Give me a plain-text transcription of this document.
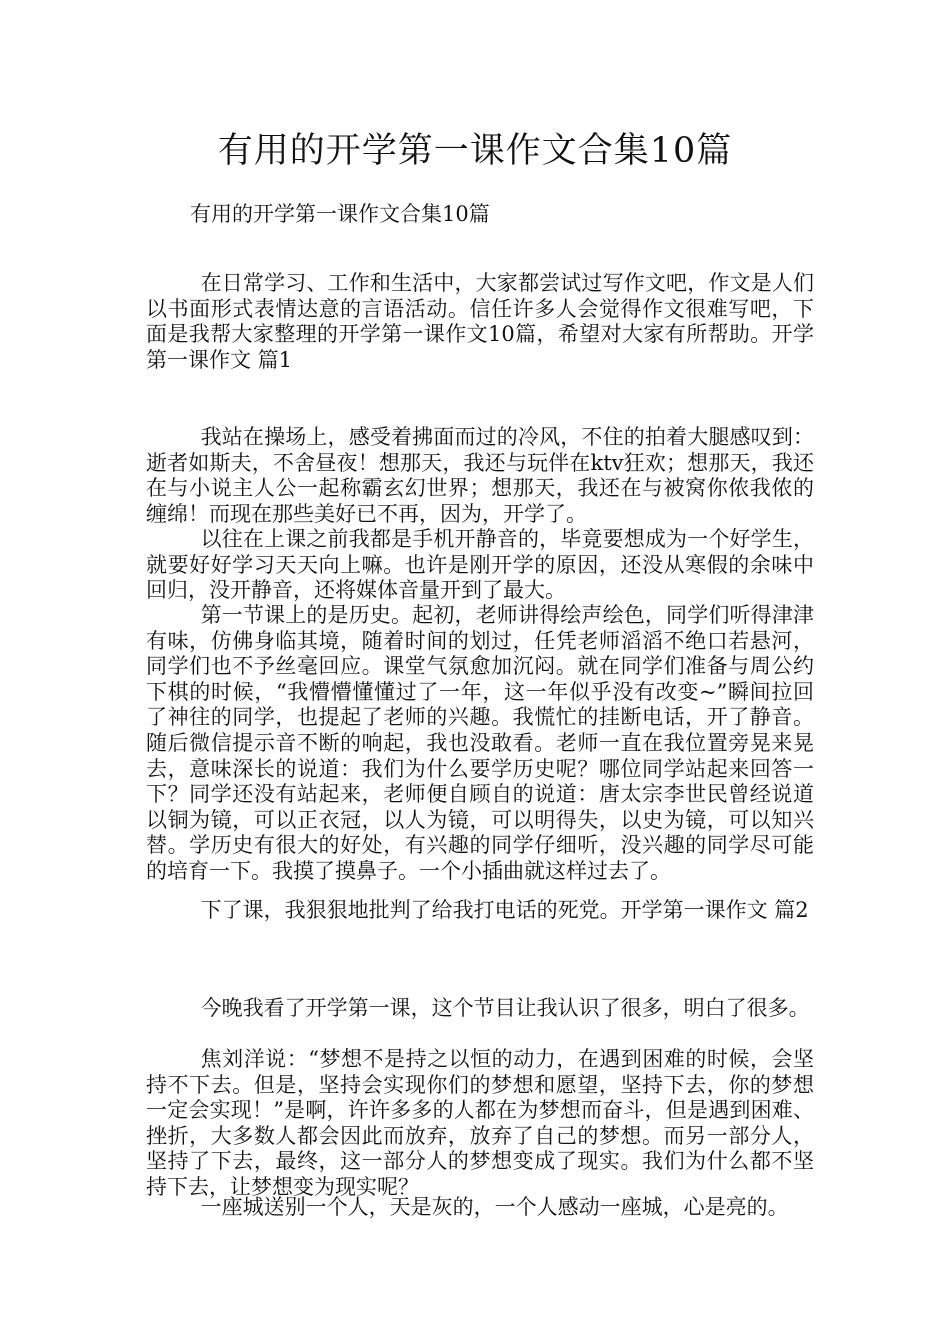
有用的开学第一课作文合集10篇

有用的开学第一课作文合集10篇

在日常学习、工作和生活中，大家都尝试过写作文吧，作文是人们以书面形式表情达意的言语活动。信任许多人会觉得作文很难写吧，下面是我帮大家整理的开学第一课作文10篇，希望对大家有所帮助。开学第一课作文 篇1

我站在操场上，感受着拂面而过的冷风，不住的拍着大腿感叹到：逝者如斯夫，不舍昼夜！想那天，我还与玩伴在ktv狂欢；想那天，我还在与小说主人公一起称霸玄幻世界；想那天，我还在与被窝你侬我侬的缠绵！而现在那些美好已不再，因为，开学了。

以往在上课之前我都是手机开静音的，毕竟要想成为一个好学生，就要好好学习天天向上嘛。也许是刚开学的原因，还没从寒假的余味中回归，没开静音，还将媒体音量开到了最大。

第一节课上的是历史。起初，老师讲得绘声绘色，同学们听得津津有味，仿佛身临其境，随着时间的划过，任凭老师滔滔不绝口若悬河，同学们也不予丝毫回应。课堂气氛愈加沉闷。就在同学们准备与周公约下棋的时候，“我懵懵懂懂过了一年，这一年似乎没有改变~”瞬间拉回了神往的同学，也提起了老师的兴趣。我慌忙的挂断电话，开了静音。随后微信提示音不断的响起，我也没敢看。老师一直在我位置旁晃来晃去，意味深长的说道：我们为什么要学历史呢？哪位同学站起来回答一下？同学还没有站起来，老师便自顾自的说道：唐太宗李世民曾经说道以铜为镜，可以正衣冠，以人为镜，可以明得失，以史为镜，可以知兴替。学历史有很大的好处，有兴趣的同学仔细听，没兴趣的同学尽可能的培育一下。我摸了摸鼻子。一个小插曲就这样过去了。

下了课，我狠狠地批判了给我打电话的死党。开学第一课作文 篇2

今晚我看了开学第一课，这个节目让我认识了很多，明白了很多。

焦刘洋说：“梦想不是持之以恒的动力，在遇到困难的时候，会坚持不下去。但是，坚持会实现你们的梦想和愿望，坚持下去，你的梦想一定会实现！”是啊，许许多多的人都在为梦想而奋斗，但是遇到困难、挫折，大多数人都会因此而放弃，放弃了自己的梦想。而另一部分人，坚持了下去，最终，这一部分人的梦想变成了现实。我们为什么都不坚持下去，让梦想变为现实呢？

一座城送别一个人，天是灰的，一个人感动一座城，心是亮的。
